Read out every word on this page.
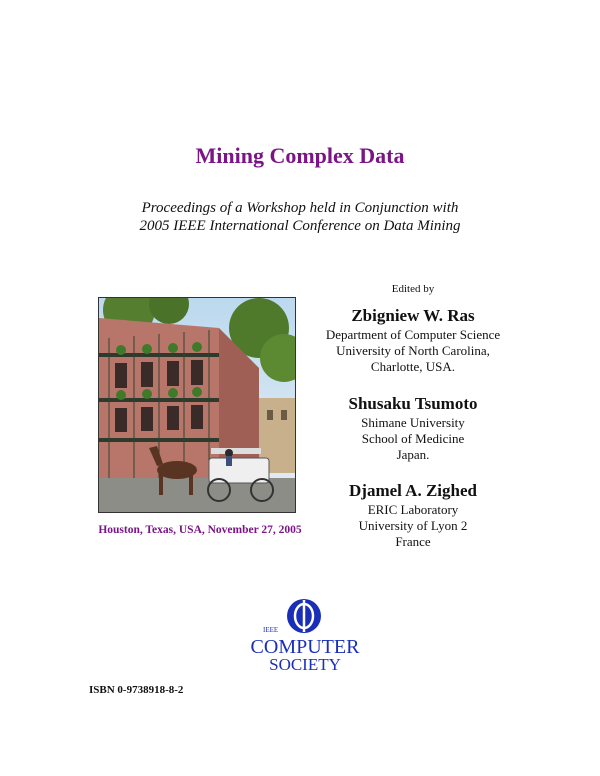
Mining Complex Data
Proceedings of a Workshop held in Conjunction with
2005 IEEE International Conference on Data Mining
Edited by
Zbigniew W. Ras
Department of Computer Science
University of North Carolina,
Charlotte, USA.
Shusaku Tsumoto
Shimane University
School of Medicine
Japan.
Djamel A. Zighed
ERIC Laboratory
University of Lyon 2
France
Houston, Texas, USA, November 27, 2005
IEEE
COMPUTER
SOCIETY
ISBN 0-9738918-8-2
